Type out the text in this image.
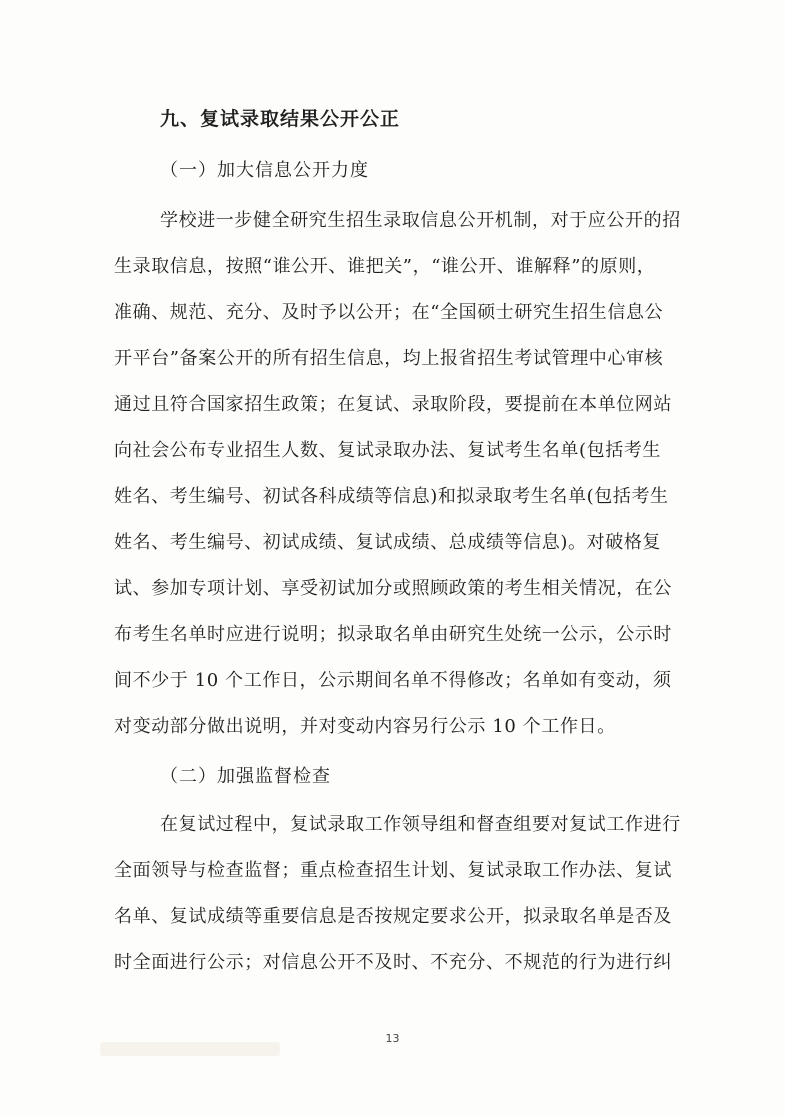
九、复试录取结果公开公正
（一）加大信息公开力度
学校进一步健全研究生招生录取信息公开机制，对于应公开的招
生录取信息，按照“谁公开、谁把关”，“谁公开、谁解释”的原则，
准确、规范、充分、及时予以公开；在“全国硕士研究生招生信息公
开平台”备案公开的所有招生信息，均上报省招生考试管理中心审核
通过且符合国家招生政策；在复试、录取阶段，要提前在本单位网站
向社会公布专业招生人数、复试录取办法、复试考生名单(包括考生
姓名、考生编号、初试各科成绩等信息)和拟录取考生名单(包括考生
姓名、考生编号、初试成绩、复试成绩、总成绩等信息)。对破格复
试、参加专项计划、享受初试加分或照顾政策的考生相关情况，在公
布考生名单时应进行说明；拟录取名单由研究生处统一公示，公示时
间不少于 10 个工作日，公示期间名单不得修改；名单如有变动，须
对变动部分做出说明，并对变动内容另行公示 10 个工作日。
（二）加强监督检查
在复试过程中，复试录取工作领导组和督查组要对复试工作进行
全面领导与检查监督；重点检查招生计划、复试录取工作办法、复试
名单、复试成绩等重要信息是否按规定要求公开，拟录取名单是否及
时全面进行公示；对信息公开不及时、不充分、不规范的行为进行纠
13
